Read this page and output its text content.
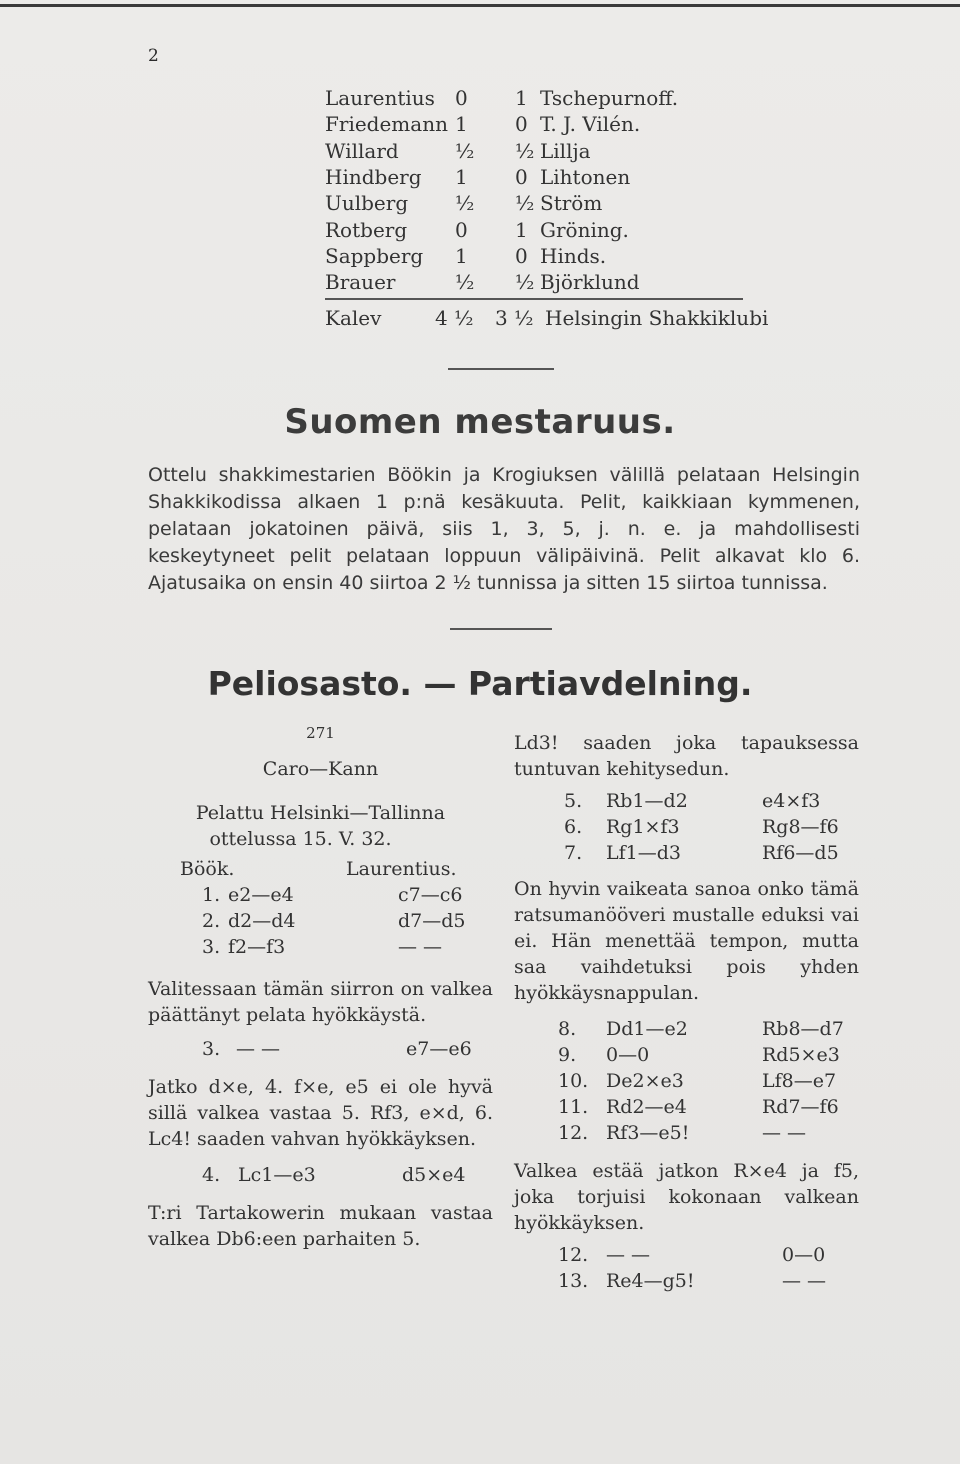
2
Laurentius	0	1 Tschepurnoff.
Friedemann 1	0 T. J. Vilén.
Willard	½	½ Lillja
Hindberg	1	0 Lihtonen
Uulberg	½	½ Ström
Rotberg	0	1 Gröning.
Sappberg	1	0 Hinds.
Brauer	½	½ Björklund
Kalev	4 ½ 3 ½ Helsingin Shakkiklubi
Suomen mestaruus.
Ottelu shakkimestarien Böökin ja Krogiuksen välillä pelataan Helsingin Shakkikodissa alkaen 1 p:nä kesäkuuta. Pelit, kaikkiaan kymmenen, pelataan jokatoinen päivä, siis 1, 3, 5, j. n. e. ja mahdollisesti keskeytyneet pelit pelataan loppuun välipäivinä. Pelit alkavat klo 6. Ajatusaika on ensin 40 siirtoa 2 ½ tunnissa ja sitten 15 siirtoa tunnissa.
Peliosasto. — Partiavdelning.
271
Caro—Kann
Pelattu Helsinki—Tallinna
ottelussa 15. V. 32.
Böök.	Laurentius.
1. e2—e4	c7—c6
2. d2—d4	d7—d5
3. f2—f3	— —
Valitessaan tämän siirron on valkea päättänyt pelata hyökkäystä.
3. — —	e7—e6
Jatko d×e, 4. f×e, e5 ei ole hyvä sillä valkea vastaa 5. Rf3, e×d, 6. Lc4! saaden vahvan hyökkäyksen.
4. Lc1—e3	d5×e4
T:ri Tartakowerin mukaan vastaa valkea Db6:een parhaiten 5.
Ld3! saaden joka tapauksessa tuntuvan kehitysedun.
5. Rb1—d2	e4×f3
6. Rg1×f3	Rg8—f6
7. Lf1—d3	Rf6—d5
On hyvin vaikeata sanoa onko tämä ratsumanööveri mustalle eduksi vai ei. Hän menettää tempon, mutta saa vaihdetuksi pois yhden hyökkäysnappulan.
8. Dd1—e2	Rb8—d7
9. 0—0	Rd5×e3
10. De2×e3	Lf8—e7
11. Rd2—e4	Rd7—f6
12. Rf3—e5!	— —
Valkea estää jatkon R×e4 ja f5, joka torjuisi kokonaan valkean hyökkäyksen.
12. — —	0—0
13. Re4—g5!	— —
